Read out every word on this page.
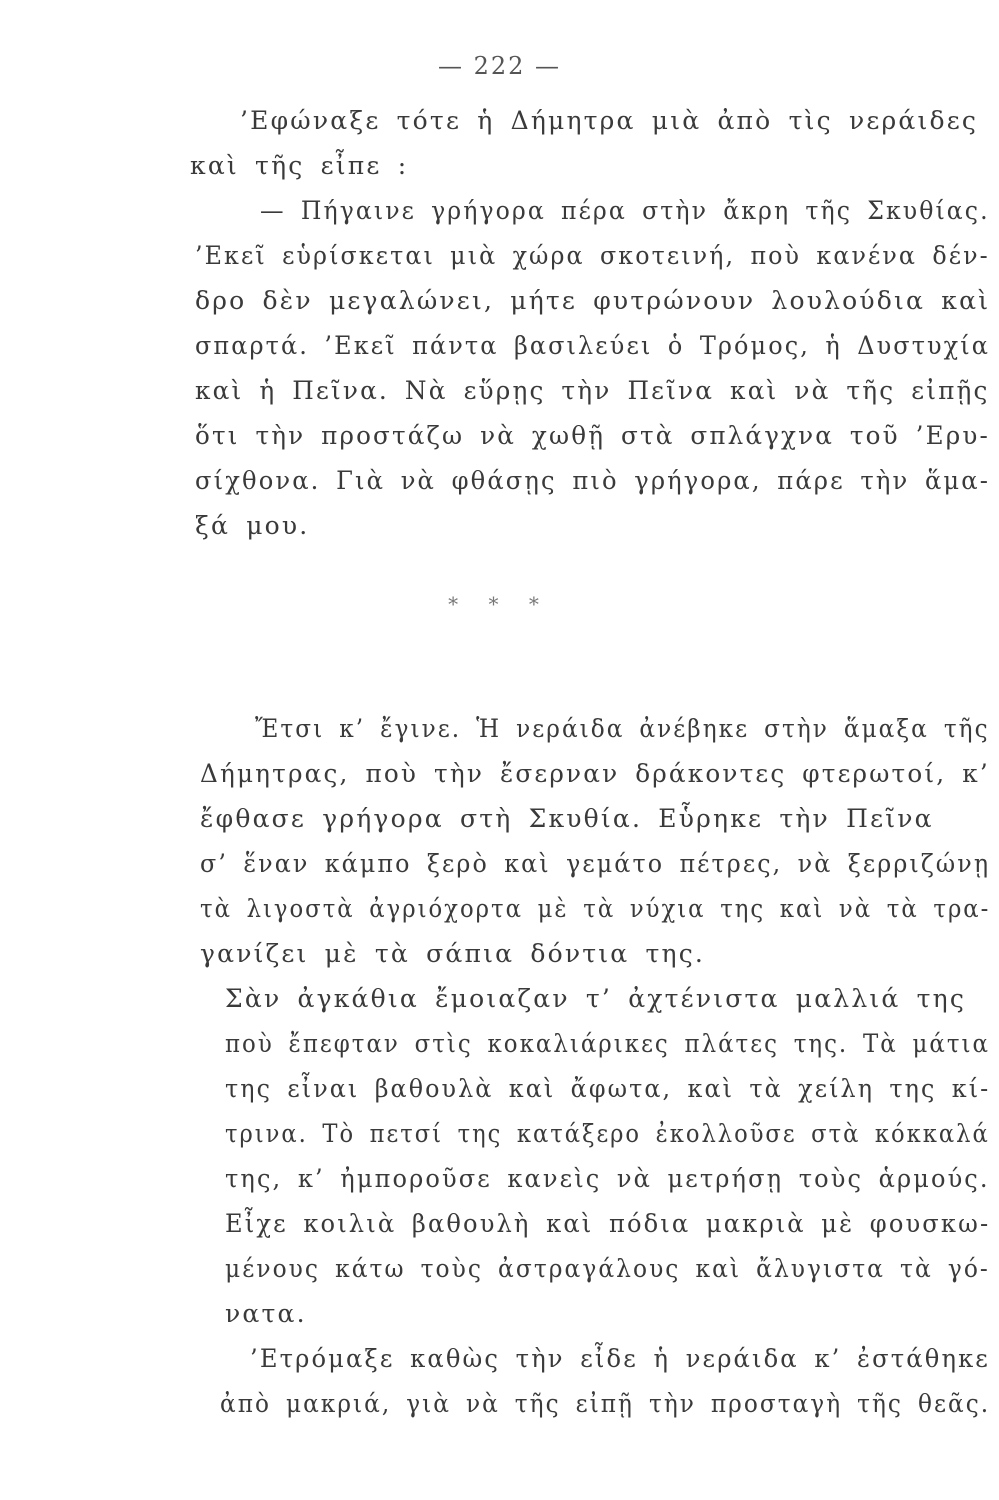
— 222 —
’Εφώναξε τότε ἡ Δήμητρα μιὰ ἀπὸ τὶς νεράιδες
καὶ τῆς εἶπε :
— Πήγαινε γρήγορα πέρα στὴν ἄκρη τῆς Σκυθίας.
’Εκεῖ εὑρίσκεται μιὰ χώρα σκοτεινή, ποὺ κανένα δέν-
δρο δὲν μεγαλώνει, μήτε φυτρώνουν λουλούδια καὶ
σπαρτά. ’Εκεῖ πάντα βασιλεύει ὁ Τρόμος, ἡ Δυστυχία
καὶ ἡ Πεῖνα. Νὰ εὕρῃς τὴν Πεῖνα καὶ νὰ τῆς εἰπῇς
ὅτι τὴν προστάζω νὰ χωθῇ στὰ σπλάγχνα τοῦ ’Ερυ-
σίχθονα. Γιὰ νὰ φθάσῃς πιὸ γρήγορα, πάρε τὴν ἅμα-
ξά μου.
* * *
Ἔτσι κ’ ἔγινε. Ἡ νεράιδα ἀνέβηκε στὴν ἅμαξα τῆς
Δήμητρας, ποὺ τὴν ἔσερναν δράκοντες φτερωτοί, κ’
ἔφθασε γρήγορα στὴ Σκυθία. Εὗρηκε τὴν Πεῖνα
σ’ ἕναν κάμπο ξερὸ καὶ γεμάτο πέτρες, νὰ ξερριζώνῃ
τὰ λιγοστὰ ἀγριόχορτα μὲ τὰ νύχια της καὶ νὰ τὰ τρα-
γανίζει μὲ τὰ σάπια δόντια της.
Σὰν ἀγκάθια ἔμοιαζαν τ’ ἀχτένιστα μαλλιά της
ποὺ ἔπεφταν στὶς κοκαλιάρικες πλάτες της. Τὰ μάτια
της εἶναι βαθουλὰ καὶ ἄφωτα, καὶ τὰ χείλη της κί-
τρινα. Τὸ πετσί της κατάξερο ἐκολλοῦσε στὰ κόκκαλά
της, κ’ ἠμποροῦσε κανεὶς νὰ μετρήσῃ τοὺς ἁρμούς.
Εἶχε κοιλιὰ βαθουλὴ καὶ πόδια μακριὰ μὲ φουσκω-
μένους κάτω τοὺς ἀστραγάλους καὶ ἄλυγιστα τὰ γό-
νατα.
’Ετρόμαξε καθὼς τὴν εἶδε ἡ νεράιδα κ’ ἐστάθηκε
ἀπὸ μακριά, γιὰ νὰ τῆς εἰπῇ τὴν προσταγὴ τῆς θεᾶς.
